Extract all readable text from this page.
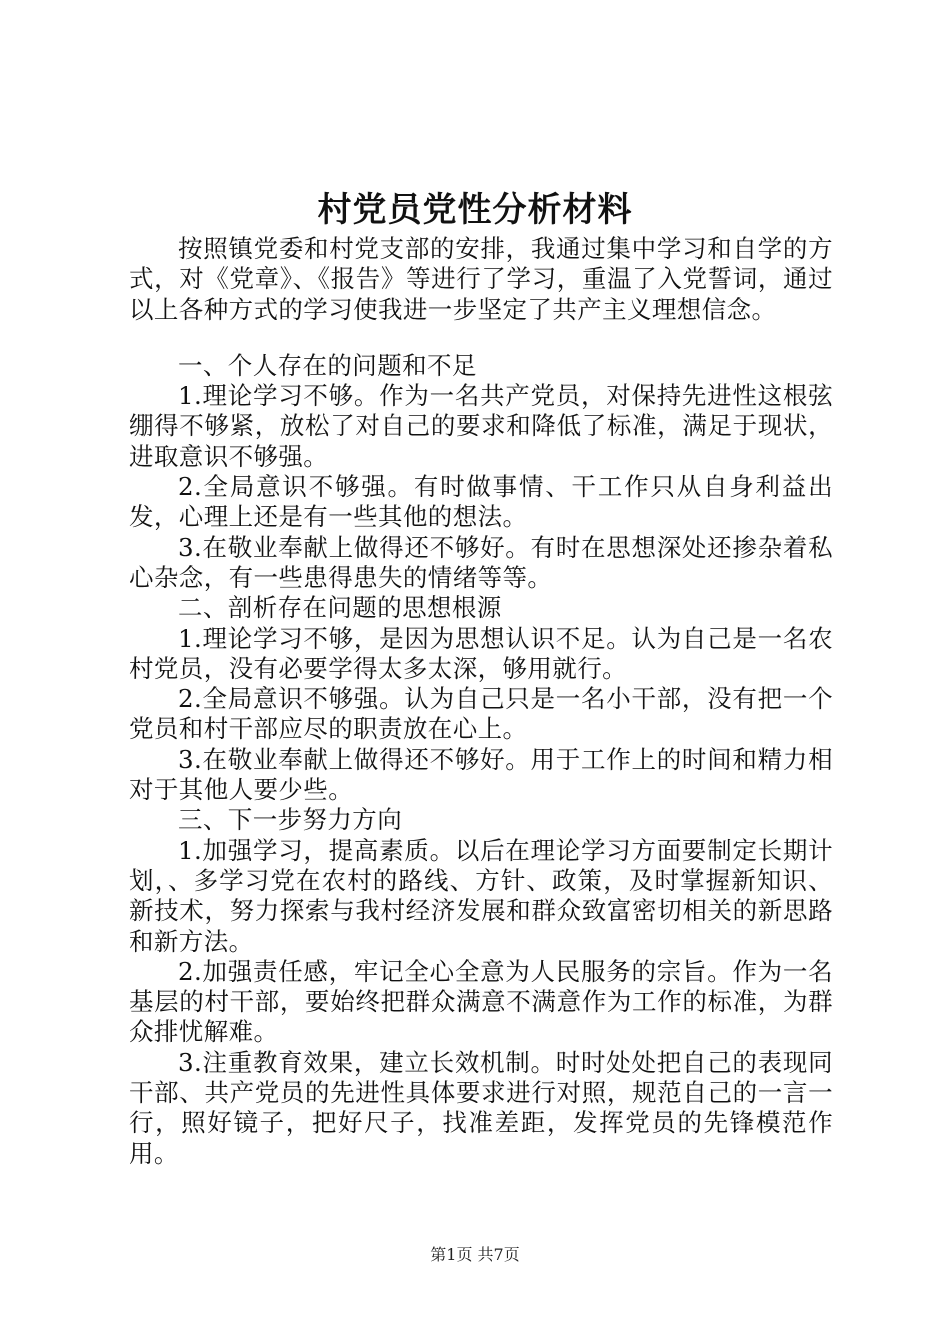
村党员党性分析材料

按照镇党委和村党支部的安排，我通过集中学习和自学的方式，对《党章》、《报告》等进行了学习，重温了入党誓词，通过以上各种方式的学习使我进一步坚定了共产主义理想信念。

一、个人存在的问题和不足

1.理论学习不够。作为一名共产党员，对保持先进性这根弦绷得不够紧，放松了对自己的要求和降低了标准，满足于现状，进取意识不够强。

2.全局意识不够强。有时做事情、干工作只从自身利益出发，心理上还是有一些其他的想法。

3.在敬业奉献上做得还不够好。有时在思想深处还掺杂着私心杂念，有一些患得患失的情绪等等。

二、剖析存在问题的思想根源

1.理论学习不够，是因为思想认识不足。认为自己是一名农村党员，没有必要学得太多太深，够用就行。

2.全局意识不够强。认为自己只是一名小干部，没有把一个党员和村干部应尽的职责放在心上。

3.在敬业奉献上做得还不够好。用于工作上的时间和精力相对于其他人要少些。

三、下一步努力方向

1.加强学习，提高素质。以后在理论学习方面要制定长期计划，、多学习党在农村的路线、方针、政策，及时掌握新知识、新技术，努力探索与我村经济发展和群众致富密切相关的新思路和新方法。

2.加强责任感，牢记全心全意为人民服务的宗旨。作为一名基层的村干部，要始终把群众满意不满意作为工作的标准，为群众排忧解难。

3.注重教育效果，建立长效机制。时时处处把自己的表现同干部、共产党员的先进性具体要求进行对照，规范自己的一言一行，照好镜子，把好尺子，找准差距，发挥党员的先锋模范作用。

第1页 共7页
